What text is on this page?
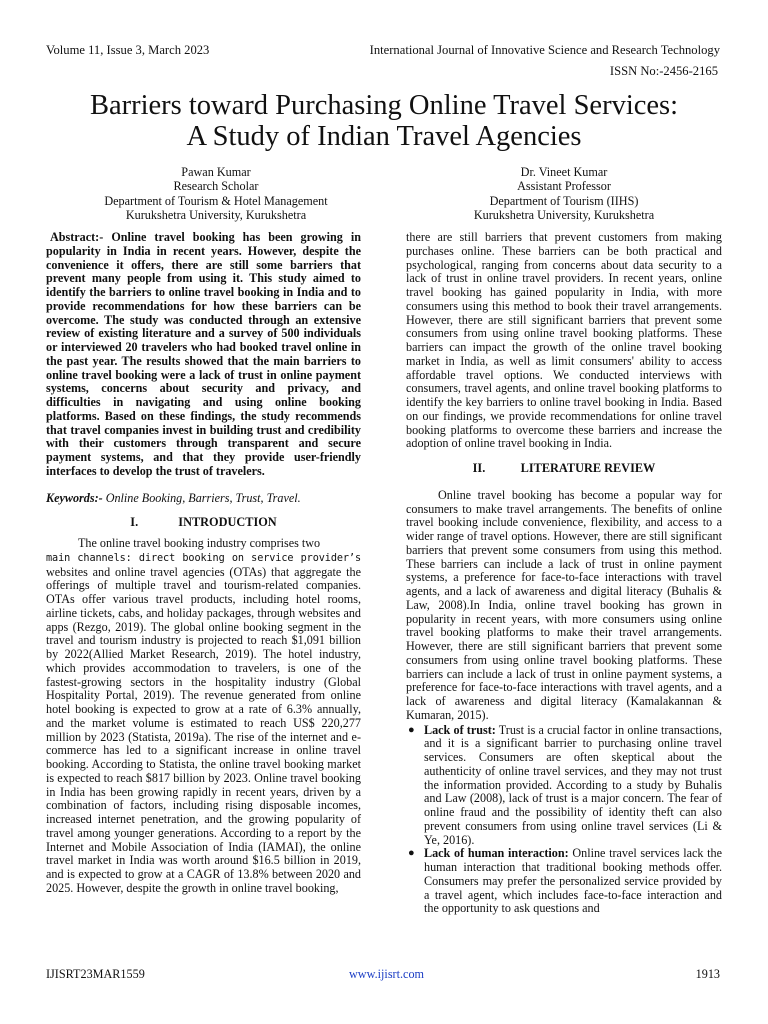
Volume 11, Issue 3, March 2023	International Journal of Innovative Science and Research Technology
ISSN No:-2456-2165
Barriers toward Purchasing Online Travel Services:
A Study of Indian Travel Agencies
Pawan Kumar
Research Scholar
Department of Tourism & Hotel Management
Kurukshetra University, Kurukshetra
Dr. Vineet Kumar
Assistant Professor
Department of Tourism (IIHS)
Kurukshetra University, Kurukshetra

Abstract:- Online travel booking has been growing in popularity in India in recent years. However, despite the convenience it offers, there are still some barriers that prevent many people from using it. This study aimed to identify the barriers to online travel booking in India and to provide recommendations for how these barriers can be overcome. The study was conducted through an extensive review of existing literature and a survey of 500 individuals or interviewed 20 travelers who had booked travel online in the past year. The results showed that the main barriers to online travel booking were a lack of trust in online payment systems, concerns about security and privacy, and difficulties in navigating and using online booking platforms. Based on these findings, the study recommends that travel companies invest in building trust and credibility with their customers through transparent and secure payment systems, and that they provide user-friendly interfaces to develop the trust of travelers.

Keywords:- Online Booking, Barriers, Trust, Travel.

I.	INTRODUCTION

The online travel booking industry comprises two
main channels: direct booking on service provider’s websites and online travel agencies (OTAs) that aggregate the offerings of multiple travel and tourism-related companies. OTAs offer various travel products, including hotel rooms, airline tickets, cabs, and holiday packages, through websites and apps (Rezgo, 2019). The global online booking segment in the travel and tourism industry is projected to reach $1,091 billion by 2022(Allied Market Research, 2019). The hotel industry, which provides accommodation to travelers, is one of the fastest-growing sectors in the hospitality industry (Global Hospitality Portal, 2019). The revenue generated from online hotel booking is expected to grow at a rate of 6.3% annually, and the market volume is estimated to reach US$ 220,277 million by 2023 (Statista, 2019a). The rise of the internet and e-commerce has led to a significant increase in online travel booking. According to Statista, the online travel booking market is expected to reach $817 billion by 2023. Online travel booking in India has been growing rapidly in recent years, driven by a combination of factors, including rising disposable incomes, increased internet penetration, and the growing popularity of travel among younger generations. According to a report by the Internet and Mobile Association of India (IAMAI), the online travel market in India was worth around $16.5 billion in 2019, and is expected to grow at a CAGR of 13.8% between 2020 and 2025. However, despite the growth in online travel booking,

there are still barriers that prevent customers from making purchases online. These barriers can be both practical and psychological, ranging from concerns about data security to a lack of trust in online travel providers. In recent years, online travel booking has gained popularity in India, with more consumers using this method to book their travel arrangements. However, there are still significant barriers that prevent some consumers from using online travel booking platforms. These barriers can impact the growth of the online travel booking market in India, as well as limit consumers' ability to access affordable travel options. We conducted interviews with consumers, travel agents, and online travel booking platforms to identify the key barriers to online travel booking in India. Based on our findings, we provide recommendations for online travel booking platforms to overcome these barriers and increase the adoption of online travel booking in India.

II.	LITERATURE REVIEW

Online travel booking has become a popular way for consumers to make travel arrangements. The benefits of online travel booking include convenience, flexibility, and access to a wider range of travel options. However, there are still significant barriers that prevent some consumers from using this method. These barriers can include a lack of trust in online payment systems, a preference for face-to-face interactions with travel agents, and a lack of awareness and digital literacy (Buhalis & Law, 2008).In India, online travel booking has grown in popularity in recent years, with more consumers using online travel booking platforms to make their travel arrangements. However, there are still significant barriers that prevent some consumers from using online travel booking platforms. These barriers can include a lack of trust in online payment systems, a preference for face-to-face interactions with travel agents, and a lack of awareness and digital literacy (Kamalakannan & Kumaran, 2015).

● Lack of trust: Trust is a crucial factor in online transactions, and it is a significant barrier to purchasing online travel services. Consumers are often skeptical about the authenticity of online travel services, and they may not trust the information provided. According to a study by Buhalis and Law (2008), lack of trust is a major concern. The fear of online fraud and the possibility of identity theft can also prevent consumers from using online travel services (Li & Ye, 2016).
● Lack of human interaction: Online travel services lack the human interaction that traditional booking methods offer. Consumers may prefer the personalized service provided by a travel agent, which includes face-to-face interaction and the opportunity to ask questions and
IJISRT23MAR1559	www.ijisrt.com	1913
